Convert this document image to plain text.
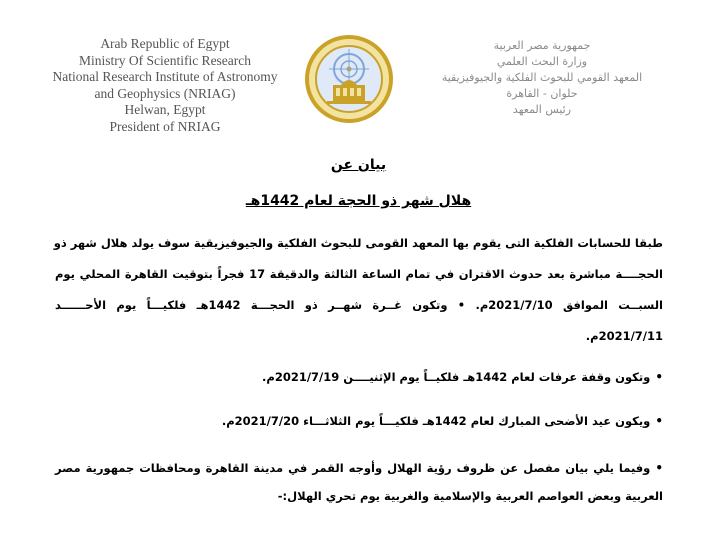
Arab Republic of Egypt
Ministry Of Scientific Research
National Research Institute of Astronomy
and Geophysics (NRIAG)
Helwan, Egypt
President of NRIAG
جمهورية مصر العربية
وزارة البحث العلمي
المعهد القومي للبحوث الفلكية والجيوفيزيقية
حلوان - القاهرة
رئيس المعهد
بيان عن
هلال شهر ذو الحجة لعام 1442هـ
طبقا للحسابات الفلكية التى يقوم بها المعهد القومى للبحوث الفلكية والجيوفيزيقية سوف يولد هلال شهر ذو
الحجــــة مباشرة بعد حدوث الاقتران في تمام الساعة الثالثة والدقيقة 17 فجراً بتوقيت القاهرة المحلي يوم
السبــت الموافق 2021/7/10م. • وتكون غــرة شهــر ذو الحجـــة 1442هـ فلكيـــاً يوم الأحــــــد
2021/7/11م.
•وتكون وقفة عرفات لعام 1442هـ فلكيــاً يوم الإثنيــــن 2021/7/19م.
•ويكون عيد الأضحى المبارك لعام 1442هـ فلكيـــاً يوم الثلاثـــاء 2021/7/20م.
•وفيما يلي بيان مفصل عن ظروف رؤية الهلال وأوجه القمر في مدينة القاهرة ومحافظات جمهورية مصر
العربية وبعض العواصم العربية والإسلامية والغربية يوم تحري الهلال:-
